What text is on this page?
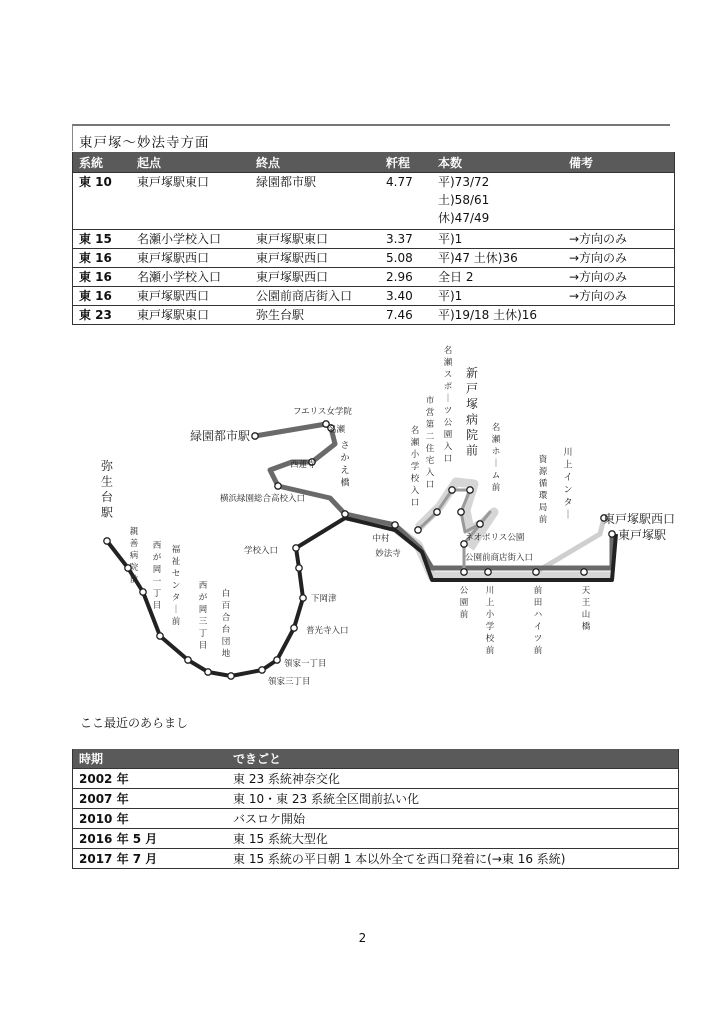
東戸塚～妙法寺方面
系統	起点	終点	粁程	本数	備考
東 10	東戸塚駅東口	緑園都市駅	4.77	平)73/72
土)58/61
休)47/49	

東 15	名瀬小学校入口	東戸塚駅東口	3.37	平)1	→方向のみ
東 16	東戸塚駅西口	東戸塚駅西口	5.08	平)47 土休)36	→方向のみ
東 16	名瀬小学校入口	東戸塚駅西口	2.96	全日 2	→方向のみ
東 16	東戸塚駅西口	公園前商店街入口	3.40	平)1	→方向のみ
東 23	東戸塚駅東口	弥生台駅	7.46	平)19/18 土休)16	

緑園都市駅
フエリス女学院
名瀬
西蓮寺
さかえ橋
横浜緑園総合高校入口
学校入口
下岡津
普光寺入口
領家一丁目
領家三丁目
白百合台団地
西が岡三丁目
福祉センタ｜前
西が岡一丁目
親善病院前
弥生台駅
中村
妙法寺
名瀬スポ｜ツ公園入口
市営第二住宅入口
名瀬小学校入口
新戸塚病院前
名瀬ホ｜ム前
ネオポリス公園
公園前商店街入口
公園前
川上小学校前
前田ハイツ前
天王山橋
資源循環局前
川上インタ｜	東戸塚駅西口
東戸塚駅
ここ最近のあらまし
時期	できごと
2002 年	東 23 系統神奈交化
2007 年	東 10・東 23 系統全区間前払い化
2010 年	バスロケ開始
2016 年 5 月	東 15 系統大型化
2017 年 7 月	東 15 系統の平日朝 1 本以外全てを西口発着に(→東 16 系統)
2
